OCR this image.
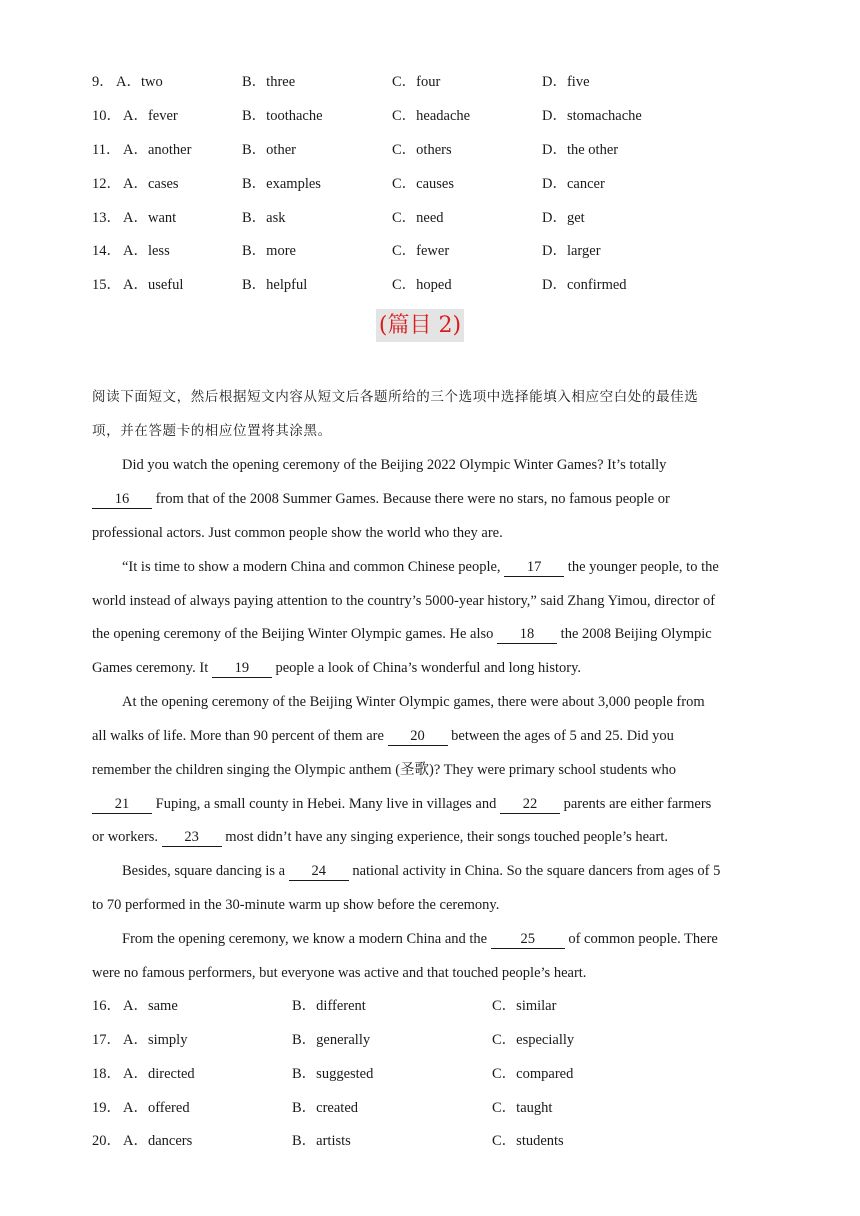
9． A．two	B．three	C．four	D．five
10． A．fever	B．toothache	C．headache	D．stomachache
11． A．another	B．other	C．others	D．the other
12． A．cases	B．examples	C．causes	D．cancer
13． A．want	B．ask	C．need	D．get
14． A．less	B．more	C．fewer	D．larger
15． A．useful	B．helpful	C．hoped	D．confirmed
(篇目 2)
阅读下面短文，然后根据短文内容从短文后各题所给的三个选项中选择能填入相应空白处的最佳选
项，并在答题卡的相应位置将其涂黑。
Did you watch the opening ceremony of the Beijing 2022 Olympic Winter Games? It’s totally
16 from that of the 2008 Summer Games. Because there were no stars, no famous people or
professional actors. Just common people show the world who they are.
“It is time to show a modern China and common Chinese people, 17 the younger people, to the
world instead of always paying attention to the country’s 5000-year history,” said Zhang Yimou, director of
the opening ceremony of the Beijing Winter Olympic games. He also 18 the 2008 Beijing Olympic
Games ceremony. It 19 people a look of China’s wonderful and long history.
At the opening ceremony of the Beijing Winter Olympic games, there were about 3,000 people from
all walks of life. More than 90 percent of them are 20 between the ages of 5 and 25. Did you
remember the children singing the Olympic anthem (圣歌)? They were primary school students who
21 Fuping, a small county in Hebei. Many live in villages and 22 parents are either farmers
or workers. 23 most didn’t have any singing experience, their songs touched people’s heart.
Besides, square dancing is a 24 national activity in China. So the square dancers from ages of 5
to 70 performed in the 30-minute warm up show before the ceremony.
From the opening ceremony, we know a modern China and the 25 of common people. There
were no famous performers, but everyone was active and that touched people’s heart.
16． A．same	B．different	C．similar
17． A．simply	B．generally	C．especially
18． A．directed	B．suggested	C．compared
19． A．offered	B．created	C．taught
20． A．dancers	B．artists	C．students
